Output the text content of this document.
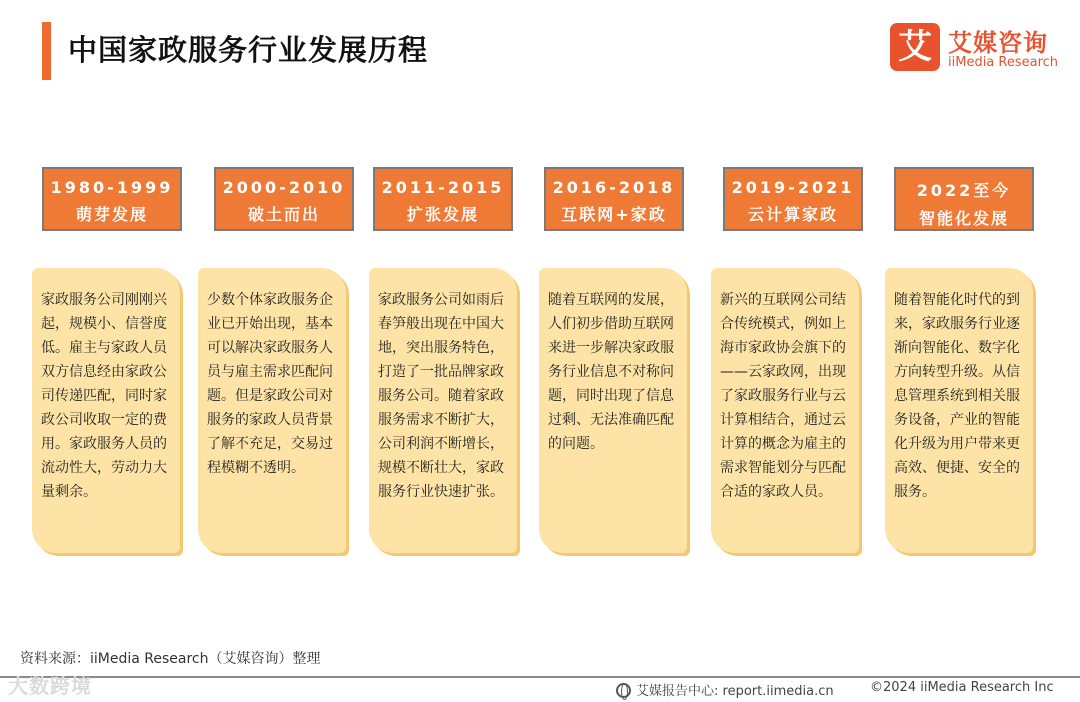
中国家政服务行业发展历程	艾 艾媒咨询
iiMedia Research
1980-1999
萌芽发展
2000-2010
破土而出
2011-2015
扩张发展
2016-2018
互联网+家政
2019-2021
云计算家政
2022至今
智能化发展
家政服务公司刚刚兴起，规模小、信誉度低。雇主与家政人员双方信息经由家政公司传递匹配，同时家政公司收取一定的费用。家政服务人员的流动性大，劳动力大量剩余。
少数个体家政服务企业已开始出现，基本可以解决家政服务人员与雇主需求匹配问题。但是家政公司对服务的家政人员背景了解不充足，交易过程模糊不透明。
家政服务公司如雨后春笋般出现在中国大地，突出服务特色，打造了一批品牌家政服务公司。随着家政服务需求不断扩大，公司利润不断增长，规模不断壮大，家政服务行业快速扩张。
随着互联网的发展，人们初步借助互联网来进一步解决家政服务行业信息不对称问题，同时出现了信息过剩、无法准确匹配的问题。
新兴的互联网公司结合传统模式，例如上海市家政协会旗下的——云家政网，出现了家政服务行业与云计算相结合，通过云计算的概念为雇主的需求智能划分与匹配合适的家政人员。
随着智能化时代的到来，家政服务行业逐渐向智能化、数字化方向转型升级。从信息管理系统到相关服务设备，产业的智能化升级为用户带来更高效、便捷、安全的服务。
资料来源：iiMedia Research（艾媒咨询）整理
大数跨境	艾媒报告中心: report.iimedia.cn	©2024 iiMedia Research Inc
